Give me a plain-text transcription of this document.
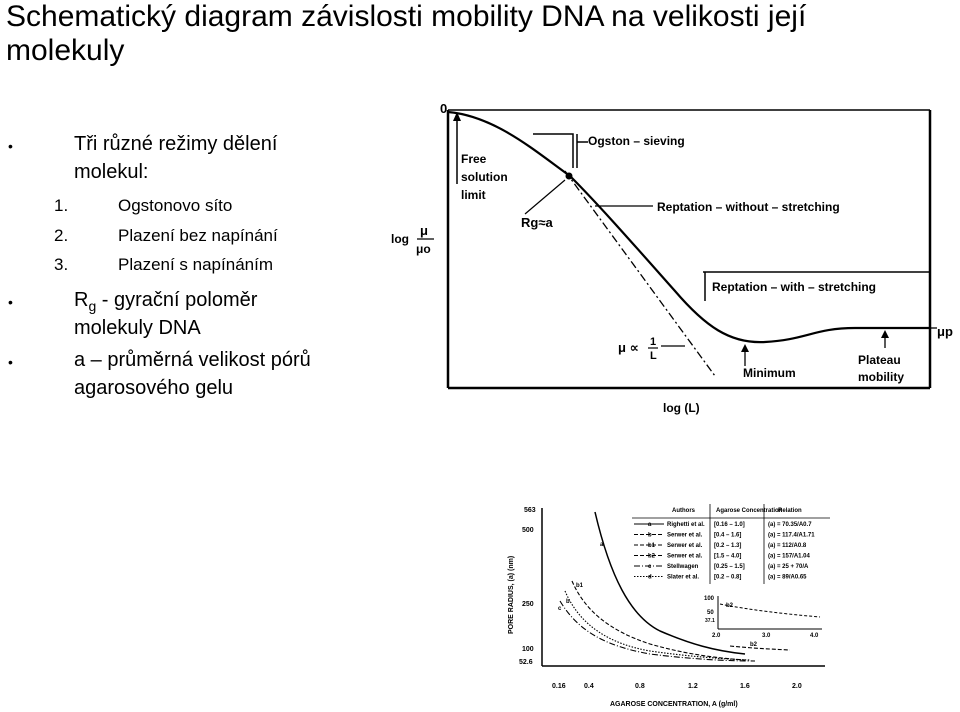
Schematický diagram závislosti mobility DNA na velikosti její molekuly
•	Tři různé režimy dělení
molekul:
1.	Ogstonovo síto
2.	Plazení bez napínání
3.	Plazení s napínáním
•	$R_g$ - gyrační poloměr
molekuly DNA
•	a – průměrná velikost pórů
agarosového gelu
0
Free solution limit
Ogston – sieving
Rg≈a
Reptation – without – stretching
Reptation – with – stretching
log
μ
μo
μ ∝ 1
L
Minimum
Plateau mobility
μp
log (L)
PORE RADIUS, (a) (nm)
563
500
250
100
52.6
0.16	0.4	0.8	1.2	1.6	2.0
AGAROSE CONCENTRATION, A (g/ml)
a
b1
b
c
b2
Authors	Agarose Concentration
Relation
a	Righetti et al. [0.16 – 1.0]	(a) = 70.35/A0.7
b	Serwer et al. [0.4 – 1.6]	(a) = 117.4/A1.71
b1 Serwer et al. [0.2 – 1.3]	(a) = 112/A0.8
b2 Serwer et al. [1.5 – 4.0]	(a) = 157/A1.04
c	Stellwagen	[0.25 – 1.5]	(a) = 25 + 70/A
d	Slater et al. [0.2 – 0.8]	(a) = 89/A0.65
100
50
37.1
2.0	3.0	4.0
b2
